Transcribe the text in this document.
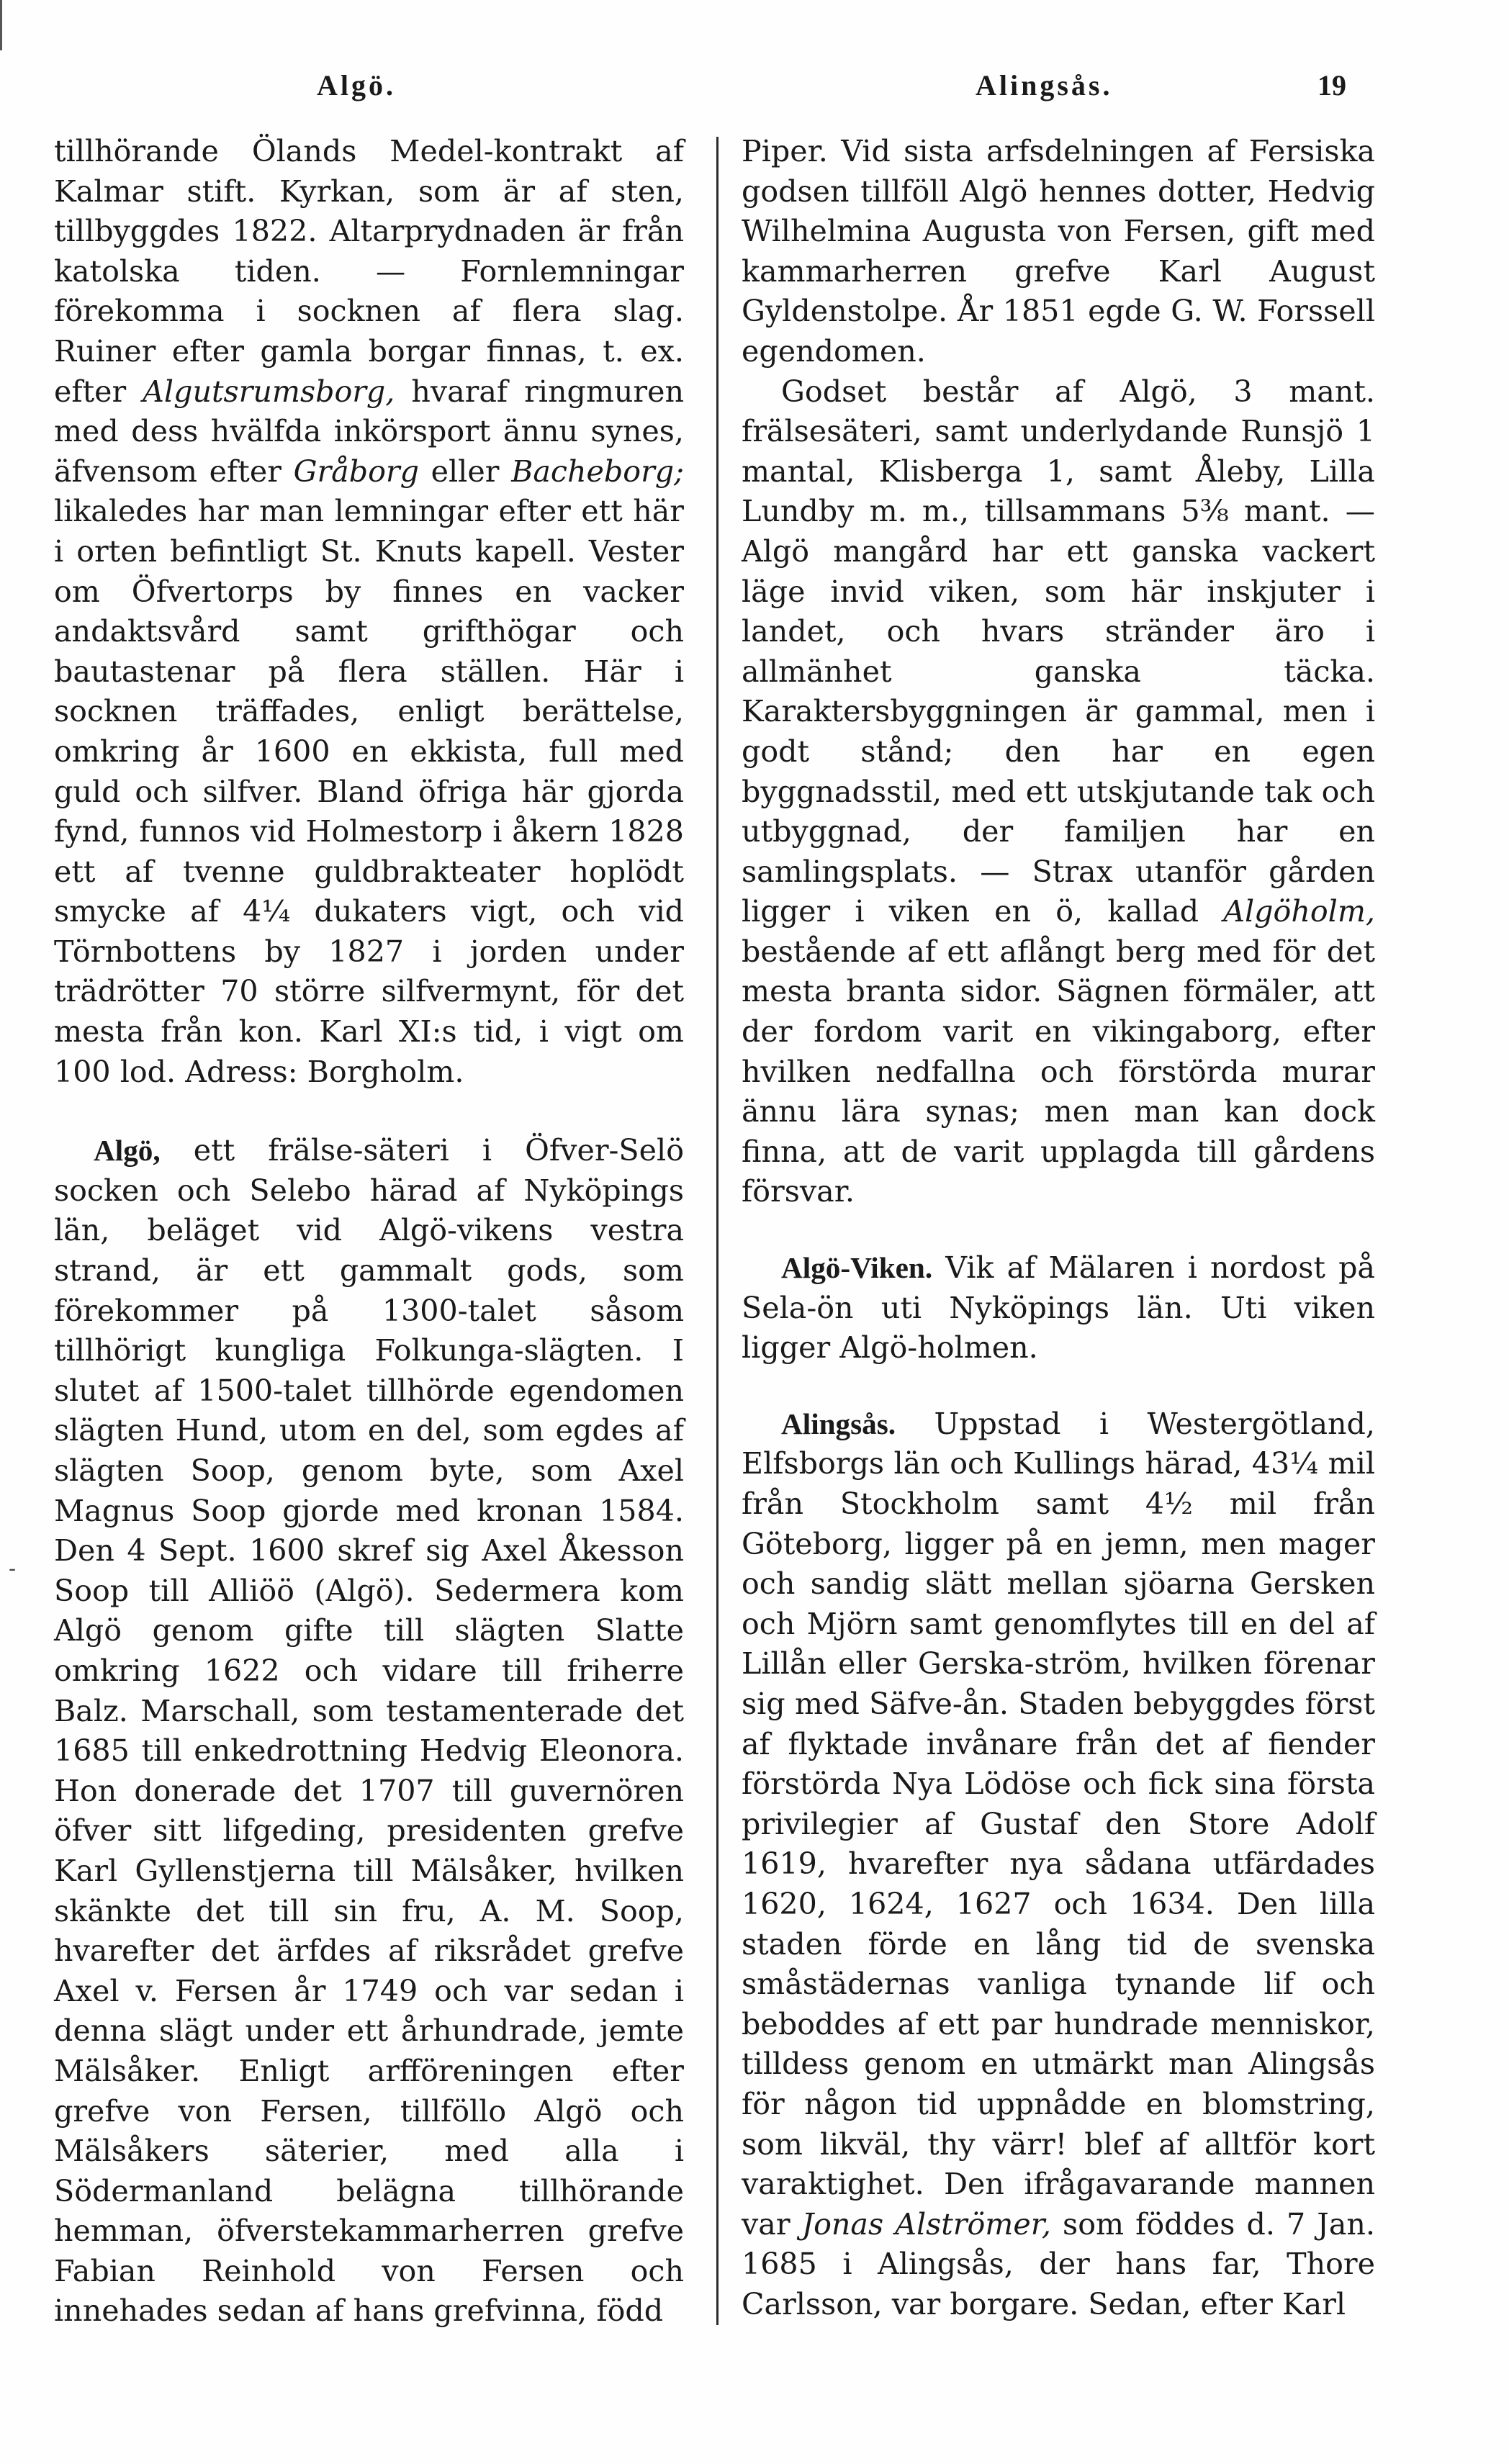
Algö.	Alingsås.	19
-

tillhörande Ölands Medel-kontrakt af Kalmar stift. Kyrkan, som är af sten, tillbyggdes 1822. Altarprydnaden är från katolska tiden. — Fornlemningar förekomma i socknen af flera slag. Ruiner efter gamla borgar finnas, t. ex. efter Algutsrumsborg, hvaraf ringmuren med dess hvälfda inkörsport ännu synes, äfvensom efter Gråborg eller Bacheborg; likaledes har man lemningar efter ett här i orten befintligt St. Knuts kapell. Vester om Öfvertorps by finnes en vacker andaktsvård samt grifthögar och bautastenar på flera ställen. Här i socknen träffades, enligt berättelse, omkring år 1600 en ekkista, full med guld och silfver. Bland öfriga här gjorda fynd, funnos vid Holmestorp i åkern 1828 ett af tvenne guldbrakteater hoplödt smycke af 4¼ dukaters vigt, och vid Törnbottens by 1827 i jorden under trädrötter 70 större silfvermynt, för det mesta från kon. Karl XI:s tid, i vigt om 100 lod. Adress: Borgholm.

Algö, ett frälse-säteri i Öfver-Selö socken och Selebo härad af Nyköpings län, beläget vid Algö-vikens vestra strand, är ett gammalt gods, som förekommer på 1300-talet såsom tillhörigt kungliga Folkunga-slägten. I slutet af 1500-talet tillhörde egendomen slägten Hund, utom en del, som egdes af slägten Soop, genom byte, som Axel Magnus Soop gjorde med kronan 1584. Den 4 Sept. 1600 skref sig Axel Åkesson Soop till Alliöö (Algö). Sedermera kom Algö genom gifte till slägten Slatte omkring 1622 och vidare till friherre Balz. Marschall, som testamenterade det 1685 till enkedrottning Hedvig Eleonora. Hon donerade det 1707 till guvernören öfver sitt lifgeding, presidenten grefve Karl Gyllenstjerna till Mälsåker, hvilken skänkte det till sin fru, A. M. Soop, hvarefter det ärfdes af riksrådet grefve Axel v. Fersen år 1749 och var sedan i denna slägt under ett århundrade, jemte Mälsåker. Enligt arfföreningen efter grefve von Fersen, tillföllo Algö och Mälsåkers säterier, med alla i Södermanland belägna tillhörande hemman, öfverstekammarherren grefve Fabian Reinhold von Fersen och innehades sedan af hans grefvinna, född

Piper. Vid sista arfsdelningen af Fersiska godsen tillföll Algö hennes dotter, Hedvig Wilhelmina Augusta von Fersen, gift med kammarherren grefve Karl August Gyldenstolpe. År 1851 egde G. W. Forssell egendomen.

Godset består af Algö, 3 mant. frälsesäteri, samt underlydande Runsjö 1 mantal, Klisberga 1, samt Åleby, Lilla Lundby m. m., tillsammans 5⅜ mant. — Algö mangård har ett ganska vackert läge invid viken, som här inskjuter i landet, och hvars stränder äro i allmänhet ganska täcka. Karaktersbyggningen är gammal, men i godt stånd; den har en egen byggnadsstil, med ett utskjutande tak och utbyggnad, der familjen har en samlingsplats. — Strax utanför gården ligger i viken en ö, kallad Algöholm, bestående af ett aflångt berg med för det mesta branta sidor. Sägnen förmäler, att der fordom varit en vikingaborg, efter hvilken nedfallna och förstörda murar ännu lära synas; men man kan dock finna, att de varit upplagda till gårdens försvar.

Algö-Viken. Vik af Mälaren i nordost på Sela-ön uti Nyköpings län. Uti viken ligger Algö-holmen.

Alingsås. Uppstad i Westergötland, Elfsborgs län och Kullings härad, 43¼ mil från Stockholm samt 4½ mil från Göteborg, ligger på en jemn, men mager och sandig slätt mellan sjöarna Gersken och Mjörn samt genomflytes till en del af Lillån eller Gerska-ström, hvilken förenar sig med Säfve-ån. Staden bebyggdes först af flyktade invånare från det af fiender förstörda Nya Lödöse och fick sina första privilegier af Gustaf den Store Adolf 1619, hvarefter nya sådana utfärdades 1620, 1624, 1627 och 1634. Den lilla staden förde en lång tid de svenska småstädernas vanliga tynande lif och beboddes af ett par hundrade menniskor, tilldess genom en utmärkt man Alingsås för någon tid uppnådde en blomstring, som likväl, thy värr! blef af alltför kort varaktighet. Den ifrågavarande mannen var Jonas Alströmer, som föddes d. 7 Jan. 1685 i Alingsås, der hans far, Thore Carlsson, var borgare. Sedan, efter Karl
